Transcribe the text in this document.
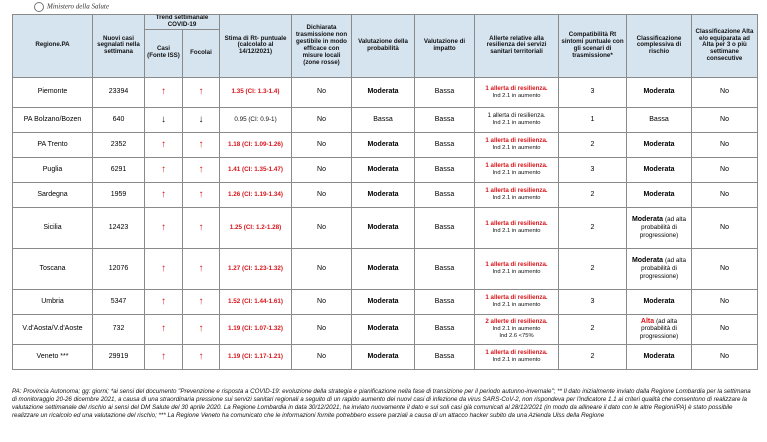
Ministero della Salute
Regione.PA	Nuovi casi segnalati nella settimana	Trend settimanale COVID-19		Stima di Rt- puntuale (calcolato al 14/12/2021)	Dichiarata trasmissione non gestibile in modo efficace con misure locali (zone rosse)	Valutazione della probabilità	Valutazione di impatto	Allerte relative alla resilienza dei servizi sanitari territoriali	Compatibilità Rt sintomi puntuale con gli scenari di trasmissione*	Classificazione complessiva di rischio	Classificazione Alta e/o equiparata ad Alta per 3 o più settimane consecutive
		Casi (Fonte ISS)	Focolai								
Piemonte	23394	↑	↑	1.35 (CI: 1.3-1.4)	No	Moderata	Bassa	1 allerta di resilienza.
Ind 2.1 in aumento	3	Moderata	No
PA Bolzano/Bozen	640	↓	↓	0.95 (CI: 0.9-1)	No	Bassa	Bassa	1 allerta di resilienza.
Ind 2.1 in aumento	1	Bassa	No
PA Trento	2352	↑	↑	1.18 (CI: 1.09-1.26)	No	Moderata	Bassa	1 allerta di resilienza.
Ind 2.1 in aumento	2	Moderata	No
Puglia	6291	↑	↑	1.41 (CI: 1.35-1.47)	No	Moderata	Bassa	1 allerta di resilienza.
Ind 2.1 in aumento	3	Moderata	No
Sardegna	1959	↑	↑	1.26 (CI: 1.19-1.34)	No	Moderata	Bassa	1 allerta di resilienza.
Ind 2.1 in aumento	2	Moderata	No
Sicilia	12423	↑	↑	1.25 (CI: 1.2-1.28)	No	Moderata	Bassa	1 allerta di resilienza.
Ind 2.1 in aumento	2	Moderata (ad alta probabilità di progressione)	No
Toscana	12076	↑	↑	1.27 (CI: 1.23-1.32)	No	Moderata	Bassa	1 allerta di resilienza.
Ind 2.1 in aumento	2	Moderata (ad alta probabilità di progressione)	No
Umbria	5347	↑	↑	1.52 (CI: 1.44-1.61)	No	Moderata	Bassa	1 allerta di resilienza.
Ind 2.1 in aumento	3	Moderata	No
V.d'Aosta/V.d'Aoste	732	↑	↑	1.19 (CI: 1.07-1.32)	No	Moderata	Bassa	2 allerte di resilienza.
Ind 2.1 in aumento
Ind 2.6 <75%	2	Alta (ad alta probabilità di progressione)	No
Veneto ***	29919	↑	↑	1.19 (CI: 1.17-1.21)	No	Moderata	Bassa	1 allerta di resilienza.
Ind 2.1 in aumento	2	Moderata	No
PA: Provincia Autonoma; gg: giorni; *ai sensi del documento "Prevenzione e risposta a COVID-19: evoluzione della strategia e pianificazione nella fase di transizione per il periodo autunno-invernale"; ** Il dato inizialmente inviato dalla Regione Lombardia per la settimana di monitoraggio 20-26 dicembre 2021, a causa di una straordinaria pressione sui servizi sanitari regionali a seguito di un rapido aumento dei nuovi casi di infezione da virus SARS-CoV-2, non rispondeva per l'indicatore 1.1 ai criteri qualità che consentono di realizzare la valutazione settimanale del rischio ai sensi del DM Salute del 30 aprile 2020. La Regione Lombardia in data 30/12/2021, ha inviato nuovamente il dato e sui soli casi già comunicati al 28/12/2021 (in modo da allineare il dato con le altre Regioni/PA) è stato possibile realizzare un ricalcolo ed una valutazione del rischio; *** La Regione Veneto ha comunicato che le informazioni fornite potrebbero essere parziali a causa di un attacco hacker subito da una Azienda Ulss della Regione
